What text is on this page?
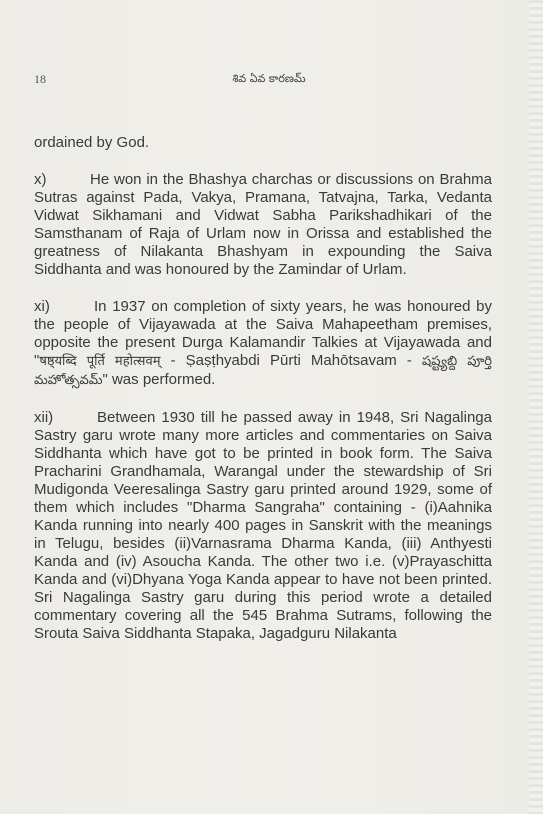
18	శివ ఏవ కారణమ్

ordained by God.

x)	He won in the Bhashya charchas or discussions on Brahma Sutras against Pada, Vakya, Pramana, Tatvajna, Tarka, Vedanta Vidwat Sikhamani and Vidwat Sabha Parikshadhikari of the Samsthanam of Raja of Urlam now in Orissa and established the greatness of Nilakanta Bhashyam in expounding the Saiva Siddhanta and was honoured by the Zamindar of Urlam.

xi)	In 1937 on completion of sixty years, he was honoured by the people of Vijayawada at the Saiva Mahapeetham premises, opposite the present Durga Kalamandir Talkies at Vijayawada and "षष्ठ्यब्दि पूर्ति महोत्सवम् - Ṣaṣṭhyabdi Pūrti Mahōtsavam - షష్ట్యబ్ది పూర్తి మహోత్సవమ్" was performed.

xii)	Between 1930 till he passed away in 1948, Sri Nagalinga Sastry garu wrote many more articles and commentaries on Saiva Siddhanta which have got to be printed in book form. The Saiva Pracharini Grandhamala, Warangal under the stewardship of Sri Mudigonda Veeresalinga Sastry garu printed around 1929, some of them which includes "Dharma Sangraha" containing - (i)Aahnika Kanda running into nearly 400 pages in Sanskrit with the meanings in Telugu, besides (ii)Varnasrama Dharma Kanda, (iii) Anthyesti Kanda and (iv) Asoucha Kanda. The other two i.e. (v)Prayaschitta Kanda and (vi)Dhyana Yoga Kanda appear to have not been printed. Sri Nagalinga Sastry garu during this period wrote a detailed commentary covering all the 545 Brahma Sutrams, following the Srouta Saiva Siddhanta Stapaka, Jagadguru Nilakanta
